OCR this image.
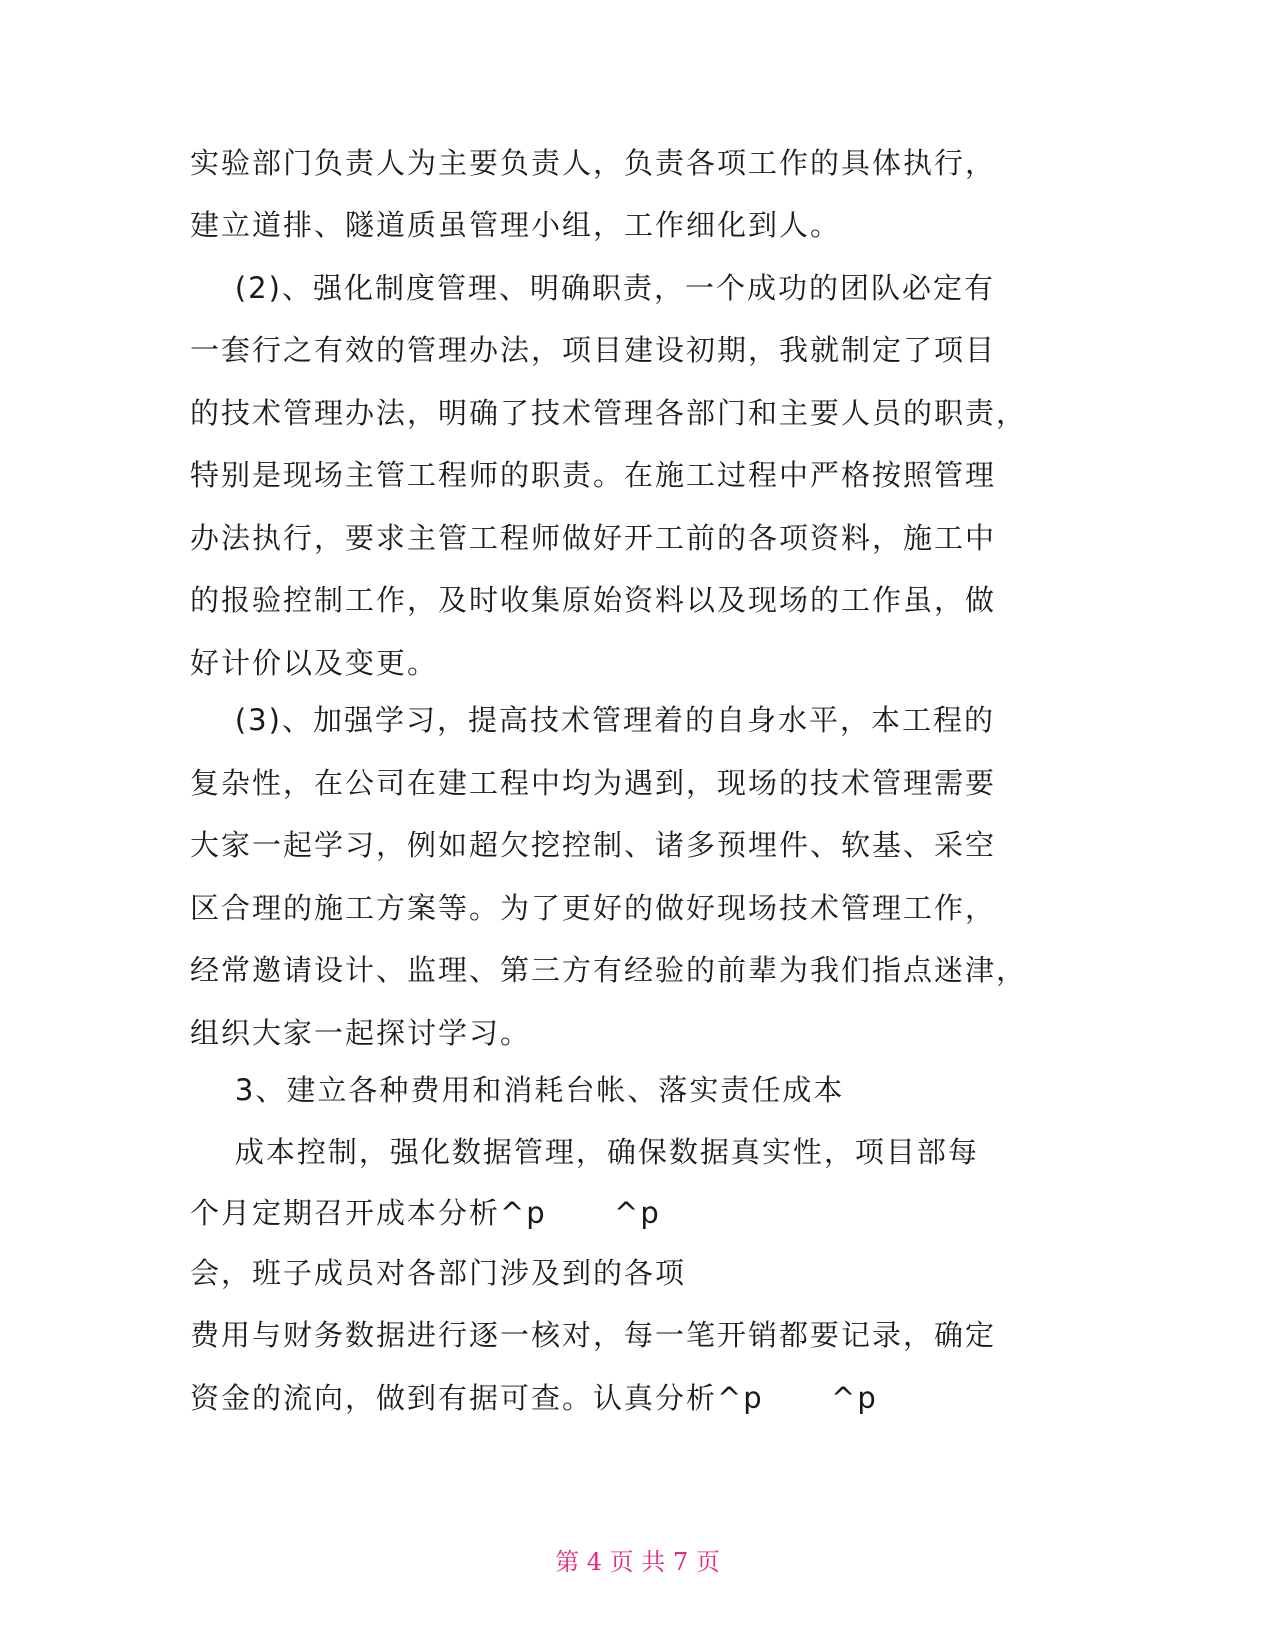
实验部门负责人为主要负责人，负责各项工作的具体执行，
建立道排、隧道质虽管理小组，工作细化到人。
(2)、强化制度管理、明确职责，一个成功的团队必定有
一套行之有效的管理办法，项目建设初期，我就制定了项目
的技术管理办法，明确了技术管理各部门和主要人员的职责，
特别是现场主管工程师的职责。在施工过程中严格按照管理
办法执行，要求主管工程师做好开工前的各项资料，施工中
的报验控制工作，及时收集原始资料以及现场的工作虽，做
好计价以及变更。
(3)、加强学习，提高技术管理着的自身水平，本工程的
复杂性，在公司在建工程中均为遇到，现场的技术管理需要
大家一起学习，例如超欠挖控制、诸多预埋件、软基、采空
区合理的施工方案等。为了更好的做好现场技术管理工作，
经常邀请设计、监理、第三方有经验的前辈为我们指点迷津，
组织大家一起探讨学习。
3、建立各种费用和消耗台帐、落实责任成本
成本控制，强化数据管理，确保数据真实性，项目部每
个月定期召开成本分析^p      ^p
会，班子成员对各部门涉及到的各项
费用与财务数据进行逐一核对，每一笔开销都要记录，确定
资金的流向，做到有据可查。认真分析^p      ^p
第 4 页 共 7 页
